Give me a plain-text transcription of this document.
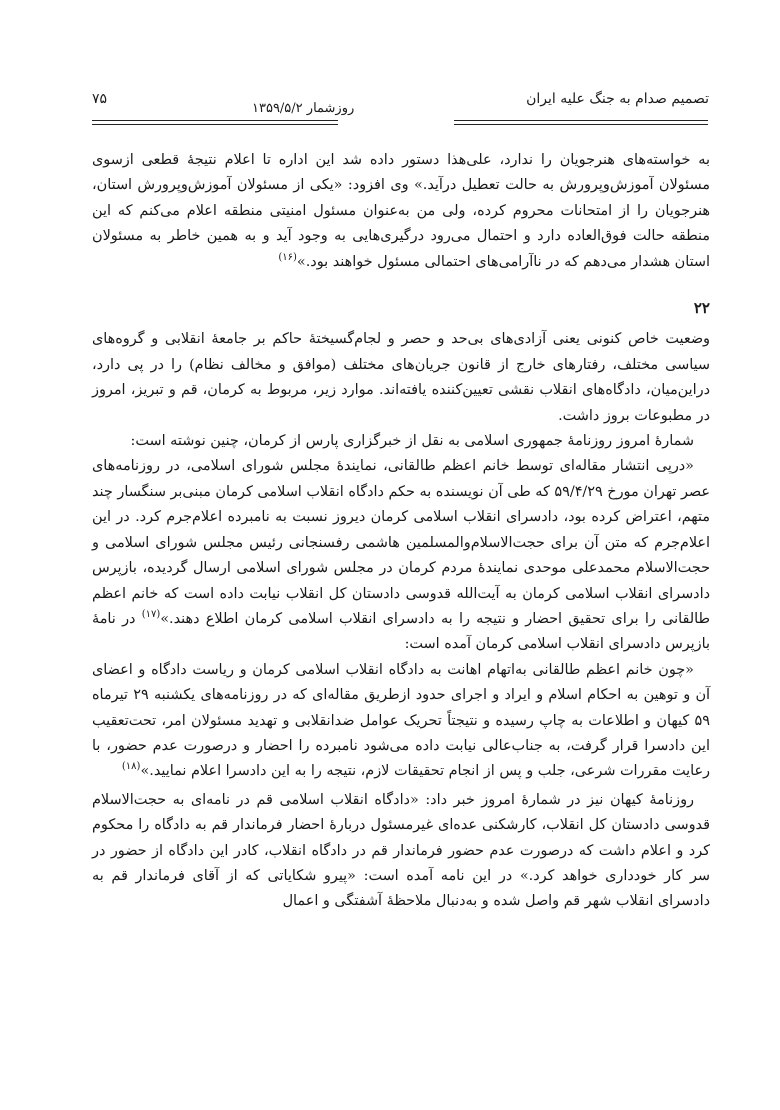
تصمیم صدام به جنگ علیه ایران
روزشمار ۱۳۵۹/۵/۲
۷۵

به خواسته‌های هنرجویان را ندارد، علی‌هذا دستور داده شد این اداره تا اعلام نتیجهٔ قطعی ازسوی مسئولان آموزش‌وپرورش به حالت تعطیل درآید.» وی افزود: «یکی از مسئولان آموزش‌وپرورش استان، هنرجویان را از امتحانات محروم کرده، ولی من به‌عنوان مسئول امنیتی منطقه اعلام می‌کنم که این منطقه حالت فوق‌العاده دارد و احتمال می‌رود درگیری‌هایی به وجود آید و به همین خاطر به مسئولان استان هشدار می‌دهم که در ناآرامی‌های احتمالی مسئول خواهند بود.»$^{(۱۶)}$

۲۲

وضعیت خاص کنونی یعنی آزادی‌های بی‌حد و حصر و لجام‌گسیختهٔ حاکم بر جامعهٔ انقلابی و گروه‌های سیاسی مختلف، رفتارهای خارج از قانون جریان‌های مختلف (موافق و مخالف نظام) را در پی دارد، دراین‌میان، دادگاه‌های انقلاب نقشی تعیین‌کننده یافته‌اند. موارد زیر، مربوط به کرمان، قم و تبریز، امروز در مطبوعات بروز داشت.

شمارهٔ امروز روزنامهٔ جمهوری اسلامی به نقل از خبرگزاری پارس از کرمان، چنین نوشته است:

«درپی انتشار مقاله‌ای توسط خانم اعظم طالقانی، نمایندهٔ مجلس شورای اسلامی، در روزنامه‌های عصر تهران مورخ ۵۹/۴/۲۹ که طی آن نویسنده به حکم دادگاه انقلاب اسلامی کرمان مبنی‌بر سنگسار چند متهم، اعتراض کرده بود، دادسرای انقلاب اسلامی کرمان دیروز نسبت به نامبرده اعلام‌جرم کرد. در این اعلام‌جرم که متن آن برای حجت‌الاسلام‌والمسلمین هاشمی رفسنجانی رئیس مجلس شورای اسلامی و حجت‌الاسلام محمدعلی موحدی نمایندهٔ مردم کرمان در مجلس شورای اسلامی ارسال گردیده، بازپرس دادسرای انقلاب اسلامی کرمان به آیت‌الله قدوسی دادستان کل انقلاب نیابت داده است که خانم اعظم طالقانی را برای تحقیق احضار و نتیجه را به دادسرای انقلاب اسلامی کرمان اطلاع دهند.»$^{(۱۷)}$ در نامهٔ بازپرس دادسرای انقلاب اسلامی کرمان آمده است:

«چون خانم اعظم طالقانی به‌اتهام اهانت به دادگاه انقلاب اسلامی کرمان و ریاست دادگاه و اعضای آن و توهین به احکام اسلام و ایراد و اجرای حدود ازطریق مقاله‌ای که در روزنامه‌های یکشنبه ۲۹ تیرماه ۵۹ کیهان و اطلاعات به چاپ رسیده و نتیجتاً تحریک عوامل ضدانقلابی و تهدید مسئولان امر، تحت‌تعقیب این دادسرا قرار گرفت، به جناب‌عالی نیابت داده می‌شود نامبرده را احضار و درصورت عدم حضور، با رعایت مقررات شرعی، جلب و پس از انجام تحقیقات لازم، نتیجه را به این دادسرا اعلام نمایید.»$^{(۱۸)}$

روزنامهٔ کیهان نیز در شمارهٔ امروز خبر داد: «دادگاه انقلاب اسلامی قم در نامه‌ای به حجت‌الاسلام قدوسی دادستان کل انقلاب، کارشکنی عده‌ای غیرمسئول دربارهٔ احضار فرماندار قم به دادگاه را محکوم کرد و اعلام داشت که درصورت عدم حضور فرماندار قم در دادگاه انقلاب، کادر این دادگاه از حضور در سر کار خودداری خواهد کرد.» در این نامه آمده است: «پیرو شکایاتی که از آقای فرماندار قم به دادسرای انقلاب شهر قم واصل شده و به‌دنبال ملاحظهٔ آشفتگی و اعمال
